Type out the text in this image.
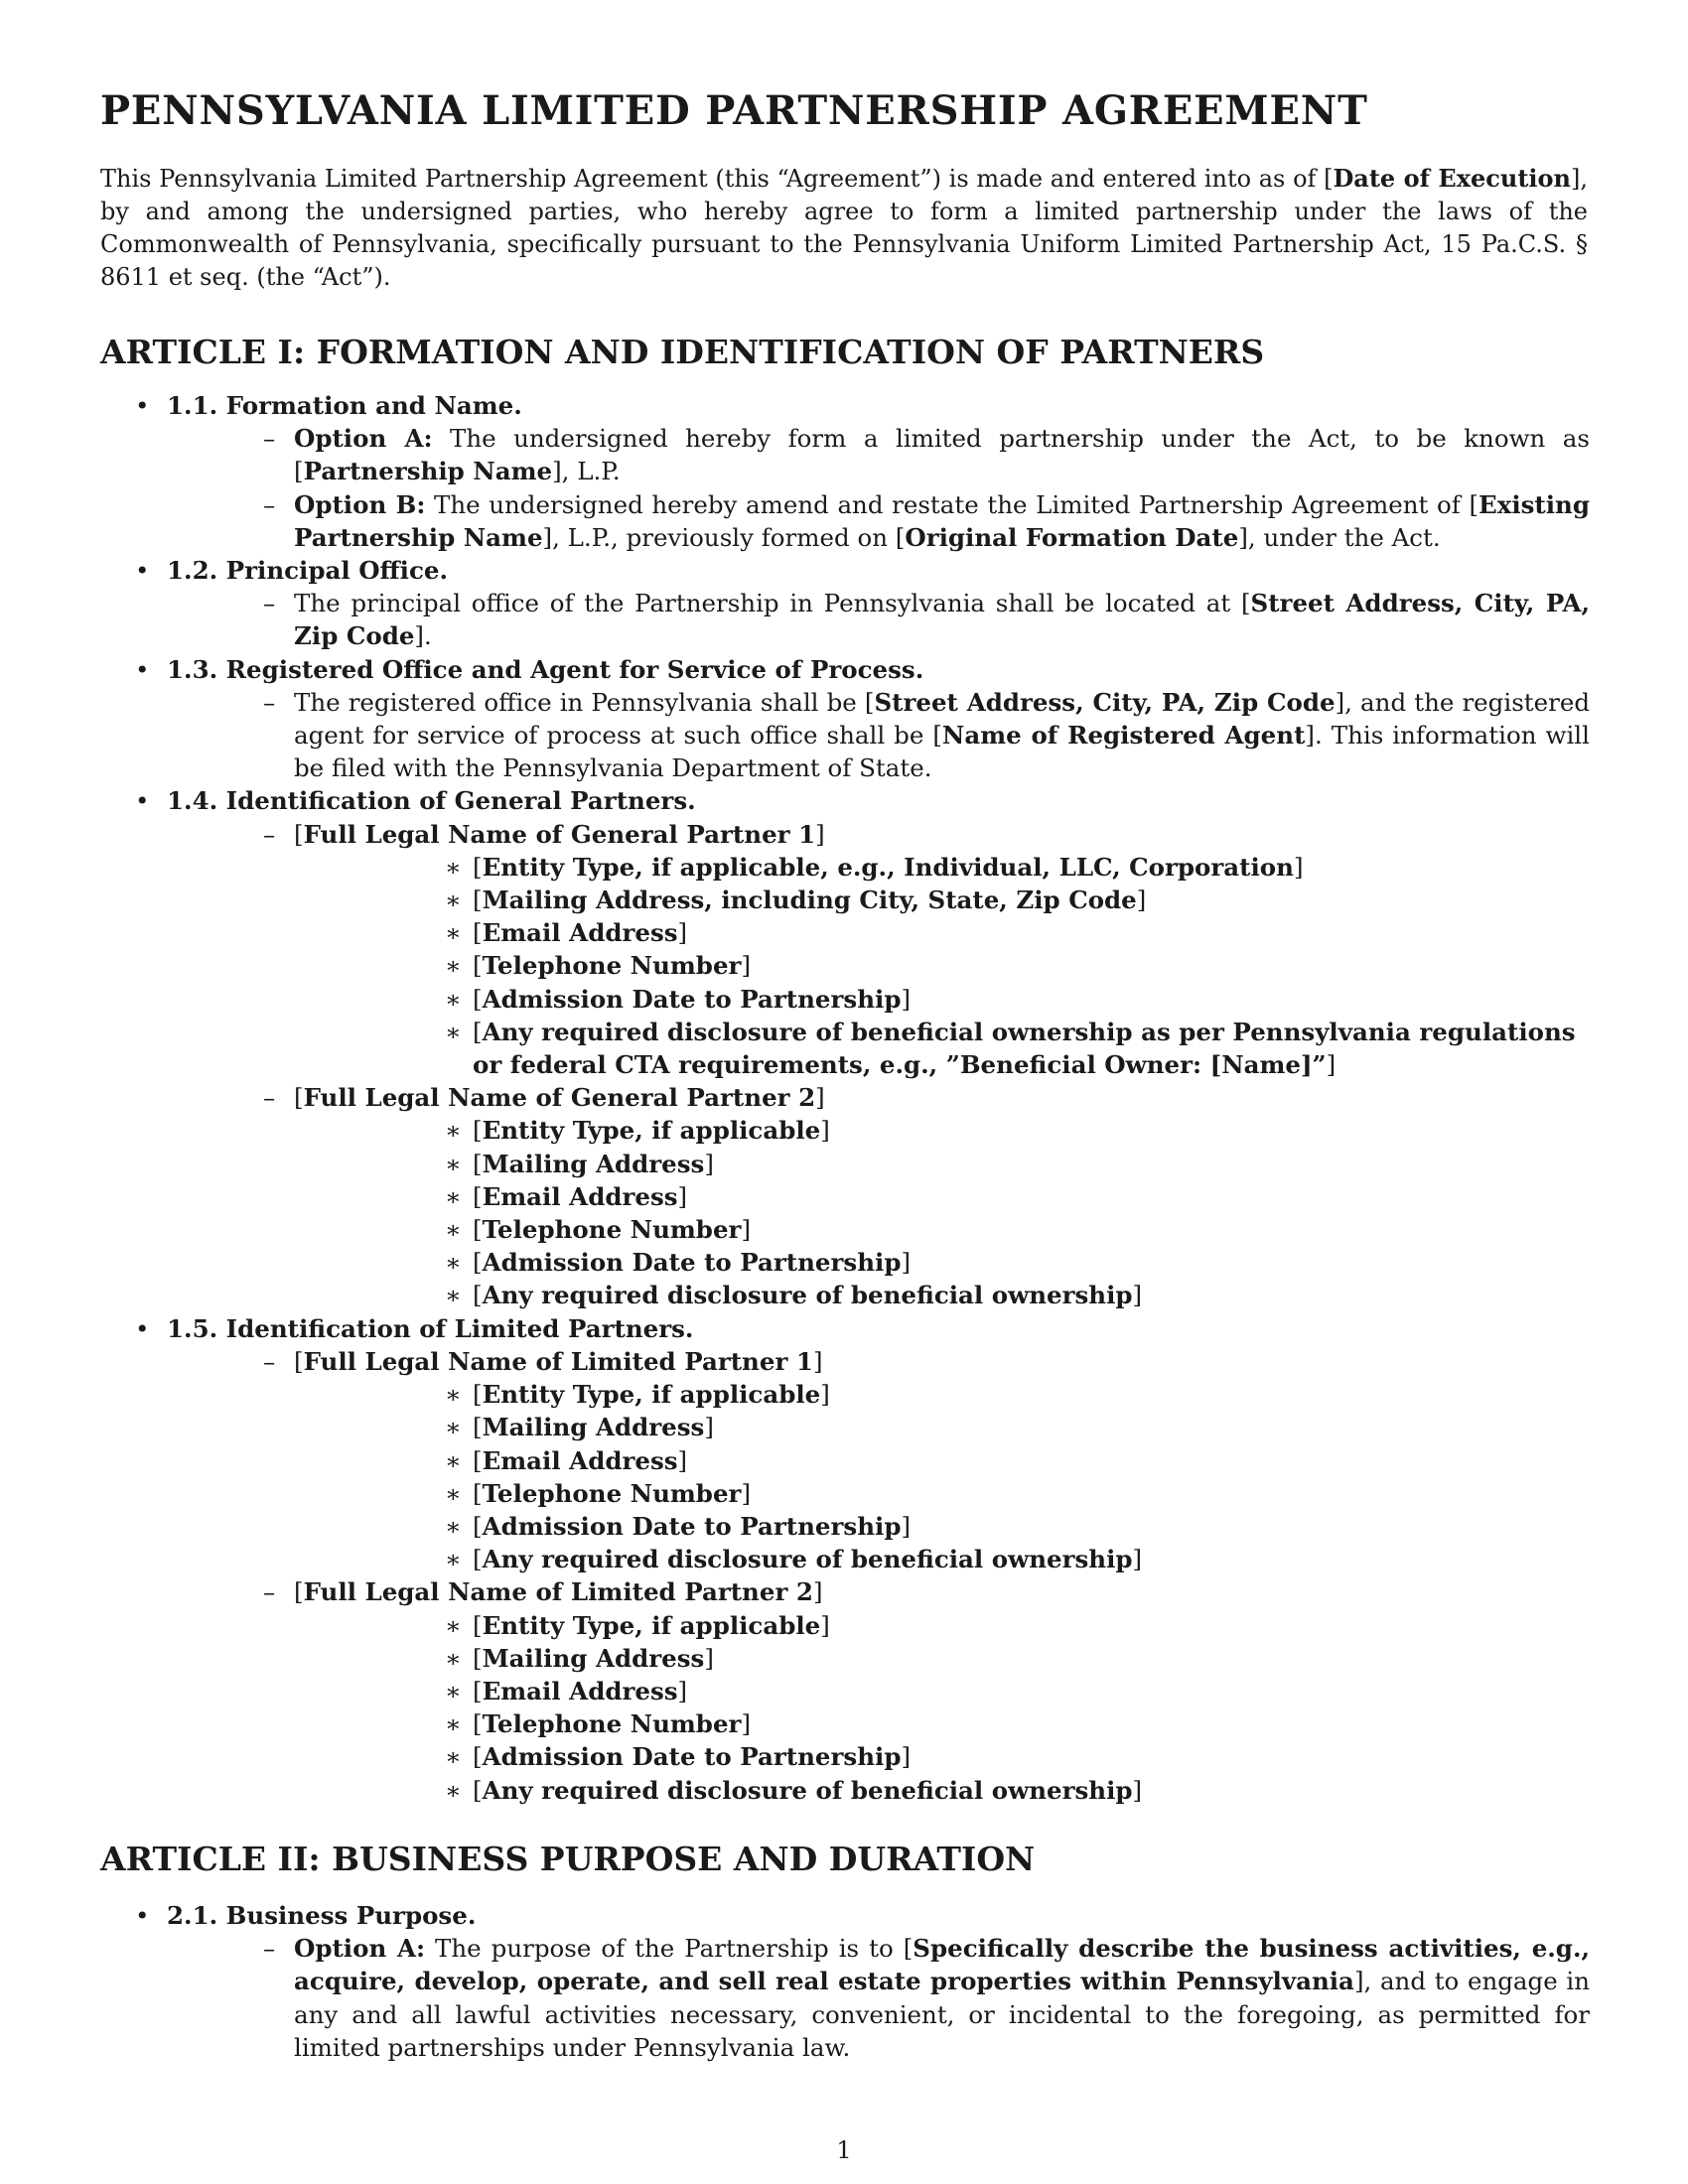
PENNSYLVANIA LIMITED PARTNERSHIP AGREEMENT

This Pennsylvania Limited Partnership Agreement (this “Agreement”) is made and entered into as of [Date of Execution], by and among the undersigned parties, who hereby agree to form a limited partnership under the laws of the Commonwealth of Pennsylvania, specifically pursuant to the Pennsylvania Uniform Limited Partnership Act, 15 Pa.C.S. § 8611 et seq. (the “Act”).

ARTICLE I: FORMATION AND IDENTIFICATION OF PARTNERS
• 1.1. Formation and Name.
– Option A: The undersigned hereby form a limited partnership under the Act, to be known as [Partnership Name], L.P.
– Option B: The undersigned hereby amend and restate the Limited Partnership Agreement of [Existing Partnership Name], L.P., previously formed on [Original Formation Date], under the Act.
• 1.2. Principal Office.
– The principal office of the Partnership in Pennsylvania shall be located at [Street Address, City, PA, Zip Code].
• 1.3. Registered Office and Agent for Service of Process.
– The registered office in Pennsylvania shall be [Street Address, City, PA, Zip Code], and the registered agent for service of process at such office shall be [Name of Registered Agent]. This information will be filed with the Pennsylvania Department of State.
• 1.4. Identification of General Partners.
– [Full Legal Name of General Partner 1]
∗ [Entity Type, if applicable, e.g., Individual, LLC, Corporation]
∗ [Mailing Address, including City, State, Zip Code]
∗ [Email Address]
∗ [Telephone Number]
∗ [Admission Date to Partnership]
∗ [Any required disclosure of beneficial ownership as per Pennsylvania regulations or federal CTA requirements, e.g., ”Beneficial Owner: [Name]”]
– [Full Legal Name of General Partner 2]
∗ [Entity Type, if applicable]
∗ [Mailing Address]
∗ [Email Address]
∗ [Telephone Number]
∗ [Admission Date to Partnership]
∗ [Any required disclosure of beneficial ownership]
• 1.5. Identification of Limited Partners.
– [Full Legal Name of Limited Partner 1]
∗ [Entity Type, if applicable]
∗ [Mailing Address]
∗ [Email Address]
∗ [Telephone Number]
∗ [Admission Date to Partnership]
∗ [Any required disclosure of beneficial ownership]
– [Full Legal Name of Limited Partner 2]
∗ [Entity Type, if applicable]
∗ [Mailing Address]
∗ [Email Address]
∗ [Telephone Number]
∗ [Admission Date to Partnership]
∗ [Any required disclosure of beneficial ownership]
ARTICLE II: BUSINESS PURPOSE AND DURATION
• 2.1. Business Purpose.
– Option A: The purpose of the Partnership is to [Specifically describe the business activities, e.g., acquire, develop, operate, and sell real estate properties within Pennsylvania], and to engage in any and all lawful activities necessary, convenient, or incidental to the foregoing, as permitted for limited partnerships under Pennsylvania law.
1
